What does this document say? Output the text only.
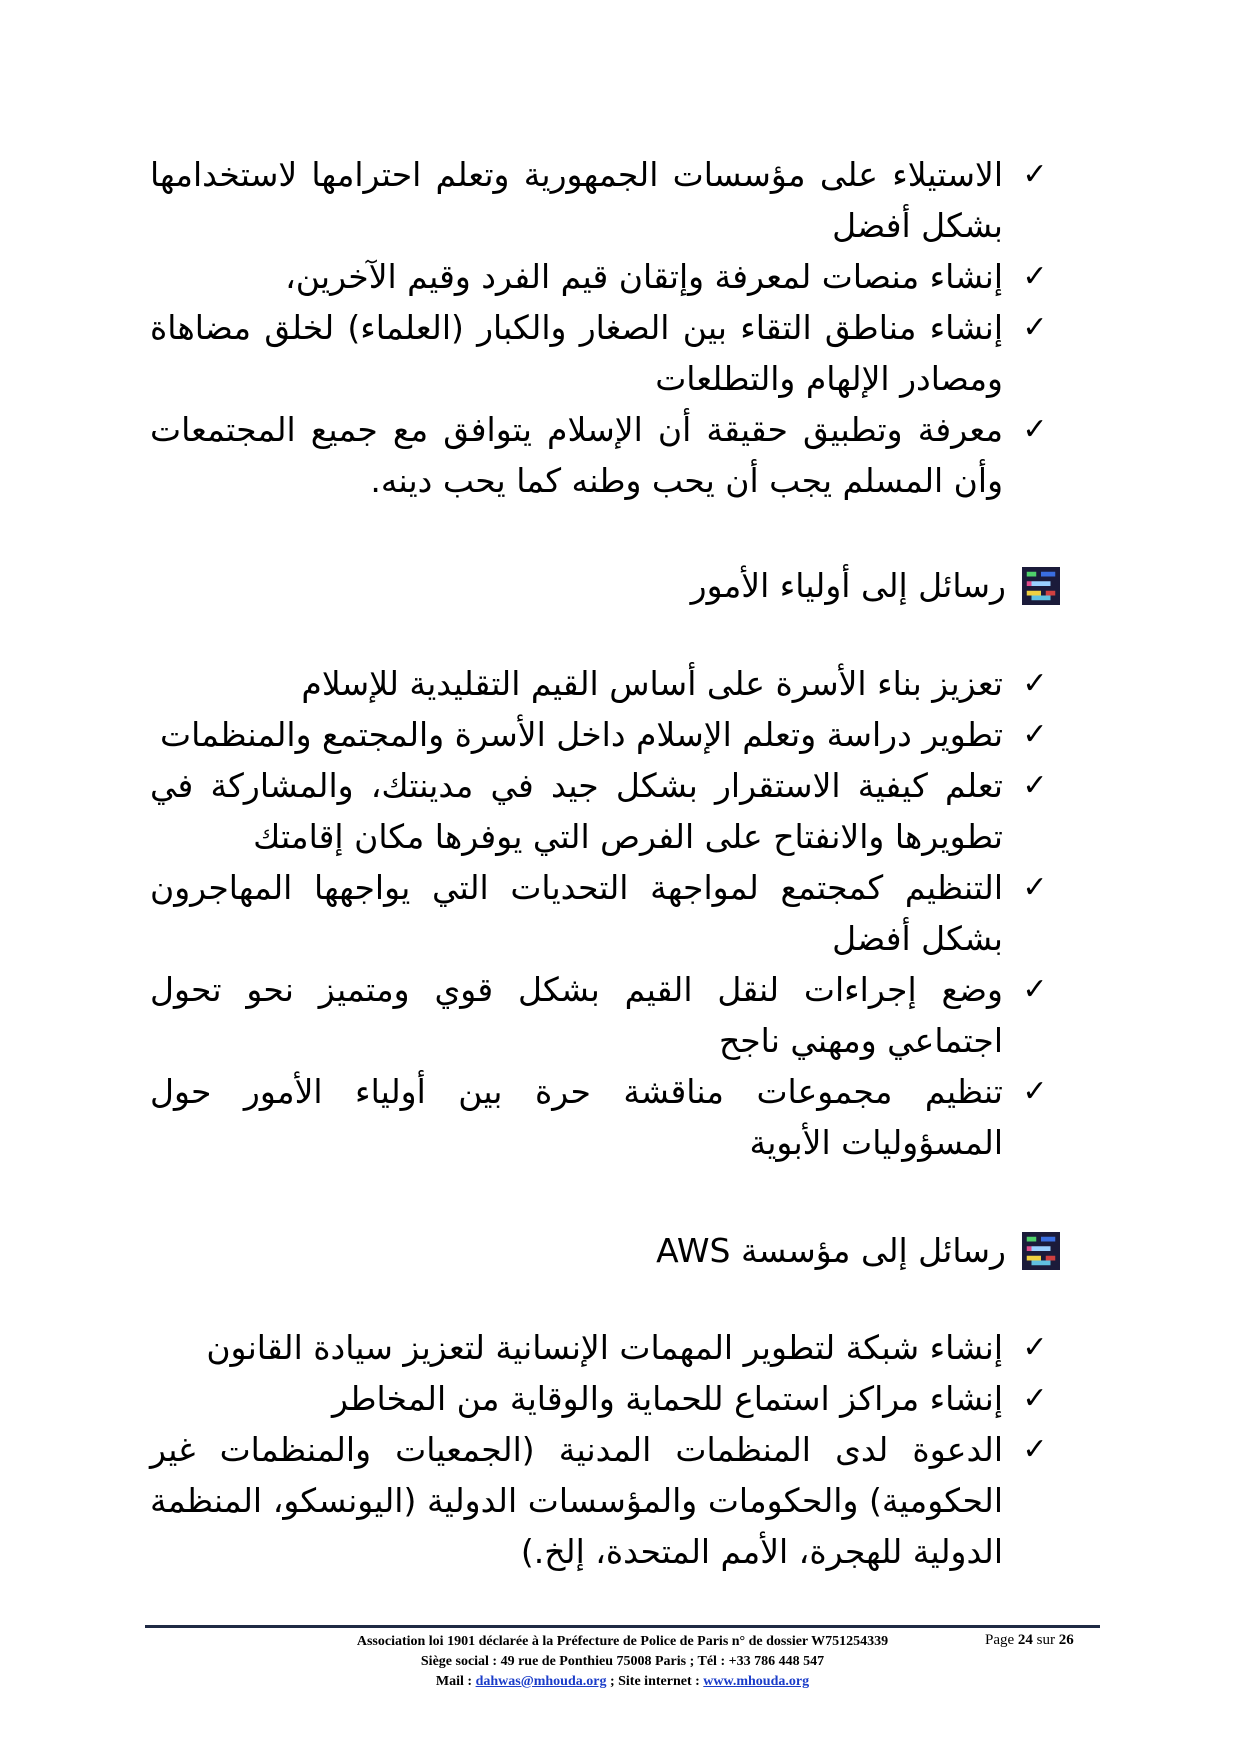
✓
الاستيلاء على مؤسسات الجمهورية وتعلم احترامها لاستخدامها بشكل أفضل
✓
إنشاء منصات لمعرفة وإتقان قيم الفرد وقيم الآخرين،
✓
إنشاء مناطق التقاء بين الصغار والكبار (العلماء) لخلق مضاهاة ومصادر الإلهام والتطلعات
✓
معرفة وتطبيق حقيقة أن الإسلام يتوافق مع جميع المجتمعات وأن المسلم يجب أن يحب وطنه كما يحب دينه.
رسائل إلى أولياء الأمور
✓
تعزيز بناء الأسرة على أساس القيم التقليدية للإسلام
✓
تطوير دراسة وتعلم الإسلام داخل الأسرة والمجتمع والمنظمات
✓
تعلم كيفية الاستقرار بشكل جيد في مدينتك، والمشاركة في تطويرها والانفتاح على الفرص التي يوفرها مكان إقامتك
✓
التنظيم كمجتمع لمواجهة التحديات التي يواجهها المهاجرون بشكل أفضل
✓
وضع إجراءات لنقل القيم بشكل قوي ومتميز نحو تحول اجتماعي ومهني ناجح
✓
تنظيم مجموعات مناقشة حرة بين أولياء الأمور حول المسؤوليات الأبوية
رسائل إلى مؤسسة AWS
✓
إنشاء شبكة لتطوير المهمات الإنسانية لتعزيز سيادة القانون
✓
إنشاء مراكز استماع للحماية والوقاية من المخاطر
✓
الدعوة لدى المنظمات المدنية (الجمعيات والمنظمات غير الحكومية) والحكومات والمؤسسات الدولية (اليونسكو، المنظمة الدولية للهجرة، الأمم المتحدة، إلخ.)
Association loi 1901 déclarée à la Préfecture de Police de Paris n° de dossier W751254339
Siège social : 49 rue de Ponthieu 75008 Paris ; Tél : +33 786 448 547
Mail : dahwas@mhouda.org ; Site internet : www.mhouda.org
Page 24 sur 26
